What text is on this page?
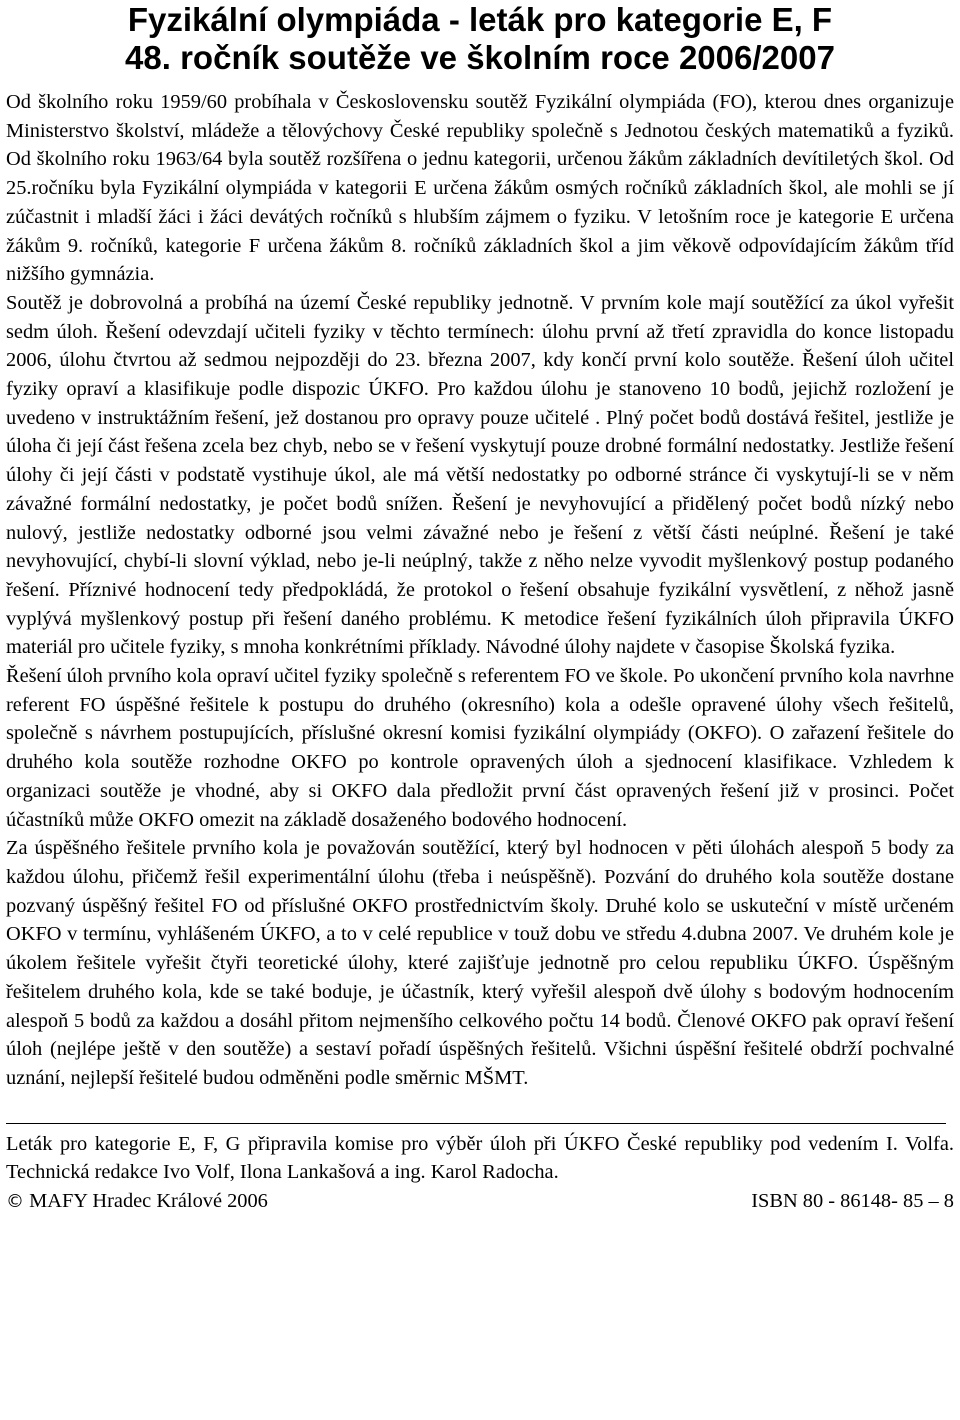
Fyzikální olympiáda - leták pro kategorie E, F
48. ročník soutěže ve školním roce 2006/2007

Od školního roku 1959/60 probíhala v Československu soutěž Fyzikální olympiáda (FO), kterou dnes organizuje Ministerstvo školství, mládeže a tělovýchovy České republiky společně s Jednotou českých matematiků a fyziků. Od školního roku 1963/64 byla soutěž rozšířena o jednu kategorii, určenou žákům základních devítiletých škol. Od 25.ročníku byla Fyzikální olympiáda v kategorii E určena žákům osmých ročníků základních škol, ale mohli se jí zúčastnit i mladší žáci i žáci devátých ročníků s hlubším zájmem o fyziku. V letošním roce je kategorie E určena žákům 9. ročníků, kategorie F určena žákům 8. ročníků základních škol a jim věkově odpovídajícím žákům tříd nižšího gymnázia.

Soutěž je dobrovolná a probíhá na území České republiky jednotně. V prvním kole mají soutěžící za úkol vyřešit sedm úloh. Řešení odevzdají učiteli fyziky v těchto termínech: úlohu první až třetí zpravidla do konce listopadu 2006, úlohu čtvrtou až sedmou nejpozději do 23. března 2007, kdy končí první kolo soutěže. Řešení úloh učitel fyziky opraví a klasifikuje podle dispozic ÚKFO. Pro každou úlohu je stanoveno 10 bodů, jejichž rozložení je uvedeno v instruktážním řešení, jež dostanou pro opravy pouze učitelé . Plný počet bodů dostává řešitel, jestliže je úloha či její část řešena zcela bez chyb, nebo se v řešení vyskytují pouze drobné formální nedostatky. Jestliže řešení úlohy či její části v podstatě vystihuje úkol, ale má větší nedostatky po odborné stránce či vyskytují-li se v něm závažné formální nedostatky, je počet bodů snížen. Řešení je nevyhovující a přidělený počet bodů nízký nebo nulový, jestliže nedostatky odborné jsou velmi závažné nebo je řešení z větší části neúplné. Řešení je také nevyhovující, chybí-li slovní výklad, nebo je-li neúplný, takže z něho nelze vyvodit myšlenkový postup podaného řešení. Příznivé hodnocení tedy předpokládá, že protokol o řešení obsahuje fyzikální vysvětlení, z něhož jasně vyplývá myšlenkový postup při řešení daného problému. K metodice řešení fyzikálních úloh připravila ÚKFO materiál pro učitele fyziky, s mnoha konkrétními příklady. Návodné úlohy najdete v časopise Školská fyzika.

Řešení úloh prvního kola opraví učitel fyziky společně s referentem FO ve škole. Po ukončení prvního kola navrhne referent FO úspěšné řešitele k postupu do druhého (okresního) kola a odešle opravené úlohy všech řešitelů, společně s návrhem postupujících, příslušné okresní komisi fyzikální olympiády (OKFO). O zařazení řešitele do druhého kola soutěže rozhodne OKFO po kontrole opravených úloh a sjednocení klasifikace. Vzhledem k organizaci soutěže je vhodné, aby si OKFO dala předložit první část opravených řešení již v prosinci. Počet účastníků může OKFO omezit na základě dosaženého bodového hodnocení.

Za úspěšného řešitele prvního kola je považován soutěžící, který byl hodnocen v pěti úlohách alespoň 5 body za každou úlohu, přičemž řešil experimentální úlohu (třeba i neúspěšně). Pozvání do druhého kola soutěže dostane pozvaný úspěšný řešitel FO od příslušné OKFO prostřednictvím školy. Druhé kolo se uskuteční v místě určeném OKFO v termínu, vyhlášeném ÚKFO, a to v celé republice v touž dobu ve středu 4.dubna 2007. Ve druhém kole je úkolem řešitele vyřešit čtyři teoretické úlohy, které zajišťuje jednotně pro celou republiku ÚKFO. Úspěšným řešitelem druhého kola, kde se také boduje, je účastník, který vyřešil alespoň dvě úlohy s bodovým hodnocením alespoň 5 bodů za každou a dosáhl přitom nejmenšího celkového počtu 14 bodů. Členové OKFO pak opraví řešení úloh (nejlépe ještě v den soutěže) a sestaví pořadí úspěšných řešitelů. Všichni úspěšní řešitelé obdrží pochvalné uznání, nejlepší řešitelé budou odměněni podle směrnic MŠMT.

Leták pro kategorie E, F, G připravila komise pro výběr úloh při ÚKFO České republiky pod vedením I. Volfa. Technická redakce Ivo Volf, Ilona Lankašová a ing. Karol Radocha.

© MAFY Hradec Králové 2006	ISBN 80 - 86148- 85 – 8
